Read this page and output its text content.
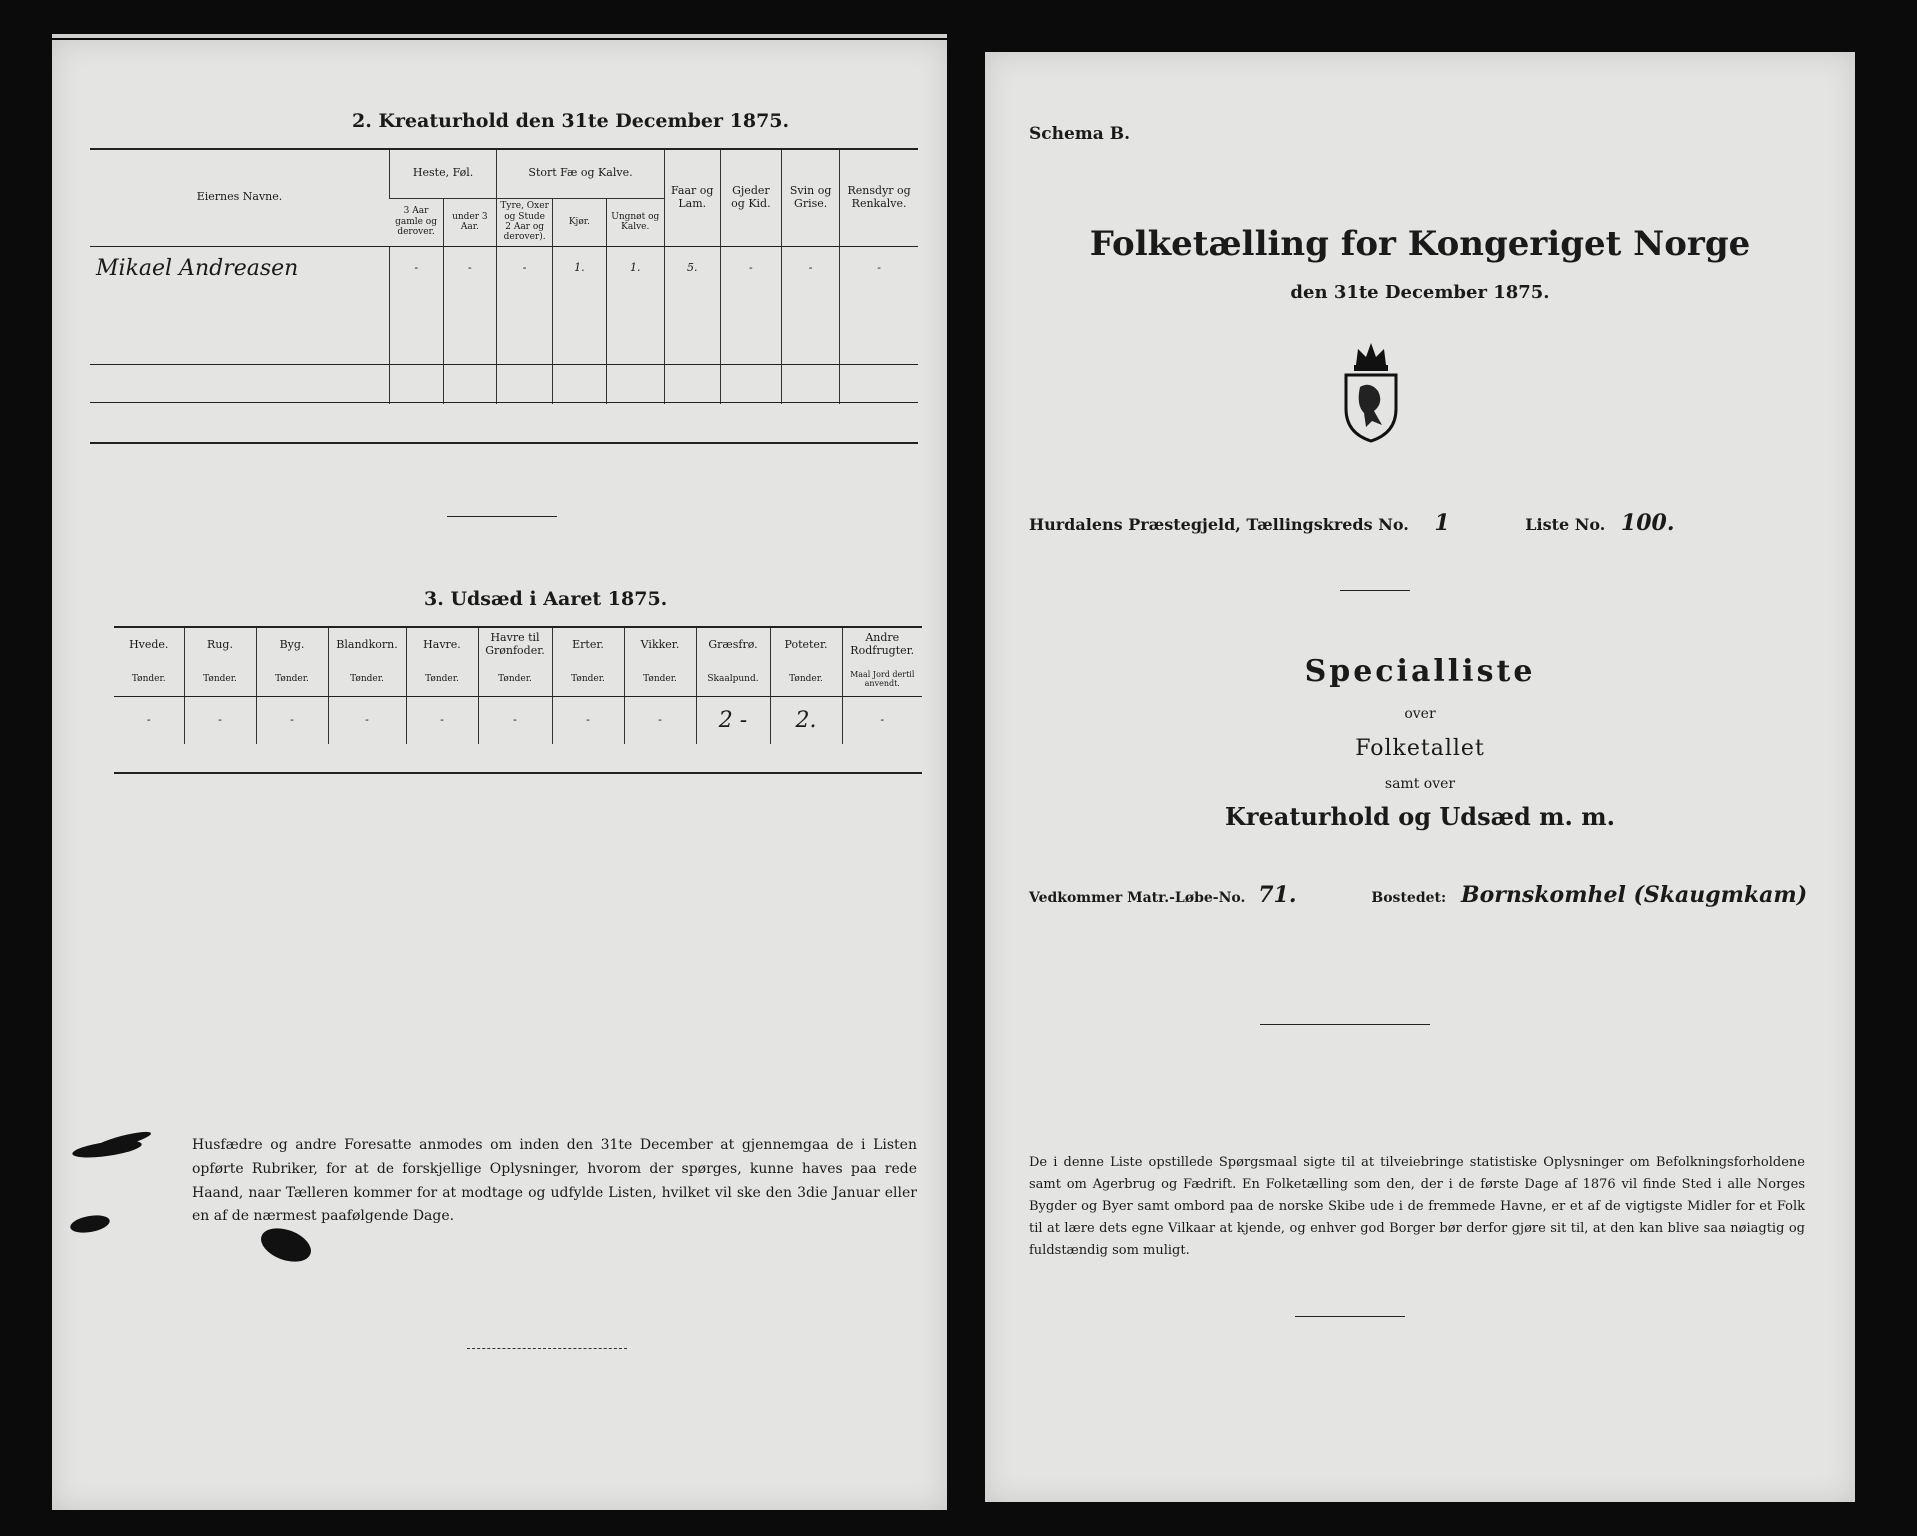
2. Kreaturhold den 31te December 1875.
Eiernes Navne.	Heste, Føl.		Stort Fæ og Kalve.			Faar og Lam.	Gjeder og Kid.	Svin og Grise.	Rensdyr og Renkalve.
	3 Aar gamle og derover.	under 3 Aar.	Tyre, Oxer og Stude 2 Aar og derover).	Kjør.	Ungnøt og Kalve.				
Mikael Andreasen	-	-	-	1.	1.	5.	-	-	-

3. Udsæd i Aaret 1875.
Hvede.	Rug.	Byg.	Blandkorn.	Havre.	Havre til Grønfoder.	Erter.	Vikker.	Græsfrø.	Poteter.	Andre Rodfrugter.
Tønder.	Tønder.	Tønder.	Tønder.	Tønder.	Tønder.	Tønder.	Tønder.	Skaalpund.	Tønder.	Maal Jord dertil anvendt.
-	-	-	-	-	-	-	-	2 -	2.	-
Husfædre og andre Foresatte anmodes om inden den 31te December at gjennemgaa de i Listen opførte Rubriker, for at de forskjellige Oplysninger, hvorom der spørges, kunne haves paa rede Haand, naar Tælleren kommer for at modtage og udfylde Listen, hvilket vil ske den 3die Januar eller en af de nærmest paafølgende Dage.
Schema B.
Folketælling for Kongeriget Norge
den 31te December 1875.
Hurdalens Præstegjeld, Tællingskreds No. 1	Liste No. 100.
Specialliste
over
Folketallet
samt over
Kreaturhold og Udsæd m. m.
Vedkommer Matr.-Løbe-No. 71.	Bostedet: Bornskomhel (Skaugmkam)
De i denne Liste opstillede Spørgsmaal sigte til at tilveiebringe statistiske Oplysninger om Befolkningsforholdene samt om Agerbrug og Fædrift. En Folketælling som den, der i de første Dage af 1876 vil finde Sted i alle Norges Bygder og Byer samt ombord paa de norske Skibe ude i de fremmede Havne, er et af de vigtigste Midler for et Folk til at lære dets egne Vilkaar at kjende, og enhver god Borger bør derfor gjøre sit til, at den kan blive saa nøiagtig og fuldstændig som muligt.
